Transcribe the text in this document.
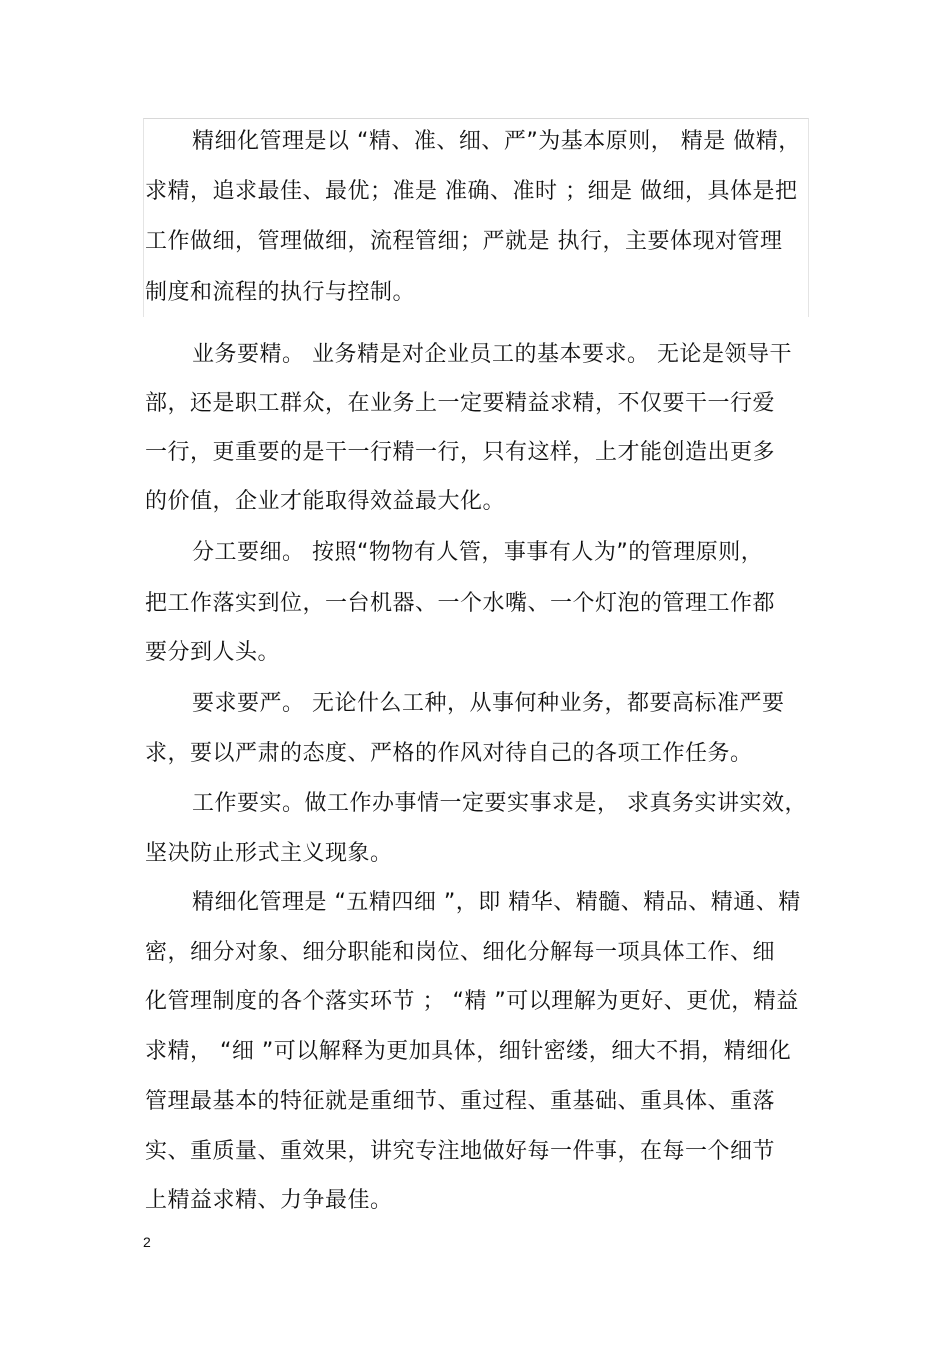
精细化管理是以 “精、准、细、严”为基本原则， 精是 做精，
求精，追求最佳、最优；准是 准确、准时 ；细是 做细，具体是把
工作做细，管理做细，流程管细；严就是 执行，主要体现对管理
制度和流程的执行与控制。
业务要精。 业务精是对企业员工的基本要求。 无论是领导干
部，还是职工群众，在业务上一定要精益求精，不仅要干一行爱
一行，更重要的是干一行精一行，只有这样，上才能创造出更多
的价值，企业才能取得效益最大化。
分工要细。 按照“物物有人管，事事有人为”的管理原则，
把工作落实到位，一台机器、一个水嘴、一个灯泡的管理工作都
要分到人头。
要求要严。 无论什么工种，从事何种业务，都要高标准严要
求，要以严肃的态度、严格的作风对待自己的各项工作任务。
工作要实。做工作办事情一定要实事求是， 求真务实讲实效，
坚决防止形式主义现象。
精细化管理是 “五精四细 ”，即 精华、精髓、精品、精通、精
密，细分对象、细分职能和岗位、细化分解每一项具体工作、细
化管理制度的各个落实环节 ； “精 ”可以理解为更好、更优，精益
求精， “细 ”可以解释为更加具体，细针密缕，细大不捐，精细化
管理最基本的特征就是重细节、重过程、重基础、重具体、重落
实、重质量、重效果，讲究专注地做好每一件事，在每一个细节
上精益求精、力争最佳。
2
